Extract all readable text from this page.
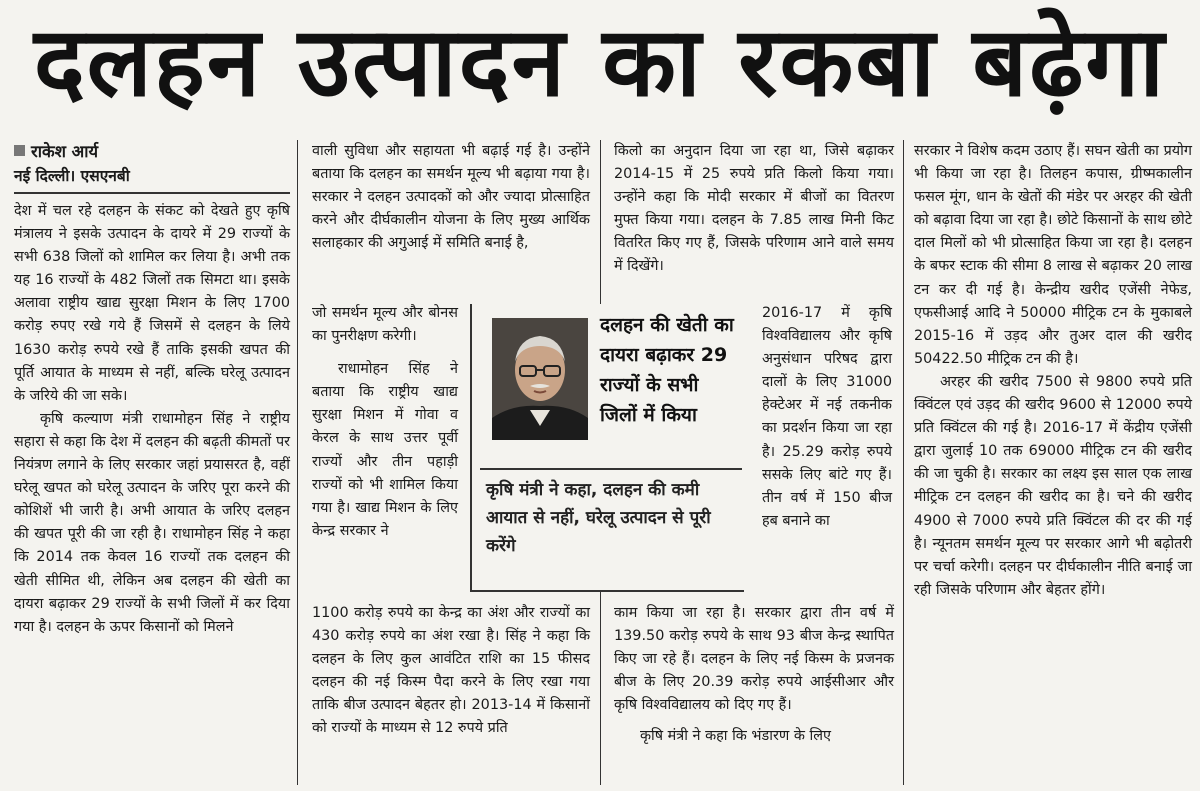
दलहन उत्पादन का रकबा बढ़ेगा
राकेश आर्य
नई दिल्ली। एसएनबी

देश में चल रहे दलहन के संकट को देखते हुए कृषि मंत्रालय ने इसके उत्पादन के दायरे में 29 राज्यों के सभी 638 जिलों को शामिल कर लिया है। अभी तक यह 16 राज्यों के 482 जिलों तक सिमटा था। इसके अलावा राष्ट्रीय खाद्य सुरक्षा मिशन के लिए 1700 करोड़ रुपए रखे गये हैं जिसमें से दलहन के लिये 1630 करोड़ रुपये रखे हैं ताकि इसकी खपत की पूर्ति आयात के माध्यम से नहीं, बल्कि घरेलू उत्पादन के जरिये की जा सके।

कृषि कल्याण मंत्री राधामोहन सिंह ने राष्ट्रीय सहारा से कहा कि देश में दलहन की बढ़ती कीमतों पर नियंत्रण लगाने के लिए सरकार जहां प्रयासरत है, वहीं घरेलू खपत को घरेलू उत्पादन के जरिए पूरा करने की कोशिशें भी जारी है। अभी आयात के जरिए दलहन की खपत पूरी की जा रही है। राधामोहन सिंह ने कहा कि 2014 तक केवल 16 राज्यों तक दलहन की खेती सीमित थी, लेकिन अब दलहन की खेती का दायरा बढ़ाकर 29 राज्यों के सभी जिलों में कर दिया गया है। दलहन के ऊपर किसानों को मिलने

वाली सुविधा और सहायता भी बढ़ाई गई है। उन्होंने बताया कि दलहन का समर्थन मूल्य भी बढ़ाया गया है। सरकार ने दलहन उत्पादकों को और ज्यादा प्रोत्साहित करने और दीर्घकालीन योजना के लिए मुख्य आर्थिक सलाहकार की अगुआई में समिति बनाई है,

जो समर्थन मूल्य और बोनस का पुनरीक्षण करेगी।

राधामोहन सिंह ने बताया कि राष्ट्रीय खाद्य सुरक्षा मिशन में गोवा व केरल के साथ उत्तर पूर्वी राज्यों और तीन पहाड़ी राज्यों को भी शामिल किया गया है। खाद्य मिशन के लिए केन्द्र सरकार ने

1100 करोड़ रुपये का केन्द्र का अंश और राज्यों का 430 करोड़ रुपये का अंश रखा है। सिंह ने कहा कि दलहन के लिए कुल आवंटित राशि का 15 फीसद दलहन की नई किस्म पैदा करने के लिए रखा गया ताकि बीज उत्पादन बेहतर हो। 2013-14 में किसानों को राज्यों के माध्यम से 12 रुपये प्रति

किलो का अनुदान दिया जा रहा था, जिसे बढ़ाकर 2014-15 में 25 रुपये प्रति किलो किया गया। उन्होंने कहा कि मोदी सरकार में बीजों का वितरण मुफ्त किया गया। दलहन के 7.85 लाख मिनी किट वितरित किए गए हैं, जिसके परिणाम आने वाले समय में दिखेंगे।

2016-17 में कृषि विश्वविद्यालय और कृषि अनुसंधान परिषद द्वारा दालों के लिए 31000 हेक्टेअर में नई तकनीक का प्रदर्शन किया जा रहा है। 25.29 करोड़ रुपये ससके लिए बांटे गए हैं। तीन वर्ष में 150 बीज हब बनाने का

काम किया जा रहा है। सरकार द्वारा तीन वर्ष में 139.50 करोड़ रुपये के साथ 93 बीज केन्द्र स्थापित किए जा रहे हैं। दलहन के लिए नई किस्म के प्रजनक बीज के लिए 20.39 करोड़ रुपये आईसीआर और कृषि विश्वविद्यालय को दिए गए हैं।

कृषि मंत्री ने कहा कि भंडारण के लिए

सरकार ने विशेष कदम उठाए हैं। सघन खेती का प्रयोग भी किया जा रहा है। तिलहन कपास, ग्रीष्मकालीन फसल मूंग, धान के खेतों की मंडेर पर अरहर की खेती को बढ़ावा दिया जा रहा है। छोटे किसानों के साथ छोटे दाल मिलों को भी प्रोत्साहित किया जा रहा है। दलहन के बफर स्टाक की सीमा 8 लाख से बढ़ाकर 20 लाख टन कर दी गई है। केन्द्रीय खरीद एजेंसी नेफेड, एफसीआई आदि ने 50000 मीट्रिक टन के मुकाबले 2015-16 में उड़द और तुअर दाल की खरीद 50422.50 मीट्रिक टन की है।

अरहर की खरीद 7500 से 9800 रुपये प्रति क्विंटल एवं उड़द की खरीद 9600 से 12000 रुपये प्रति क्विंटल की गई है। 2016-17 में केंद्रीय एजेंसी द्वारा जुलाई 10 तक 69000 मीट्रिक टन की खरीद की जा चुकी है। सरकार का लक्ष्य इस साल एक लाख मीट्रिक टन दलहन की खरीद का है। चने की खरीद 4900 से 7000 रुपये प्रति क्विंटल की दर की गई है। न्यूनतम समर्थन मूल्य पर सरकार आगे भी बढ़ोतरी पर चर्चा करेगी। दलहन पर दीर्घकालीन नीति बनाई जा रही जिसके परिणाम और बेहतर होंगे।

दलहन की खेती का दायरा बढ़ाकर 29 राज्यों के सभी जिलों में किया
कृषि मंत्री ने कहा, दलहन की कमी आयात से नहीं, घरेलू उत्पादन से पूरी करेंगे
